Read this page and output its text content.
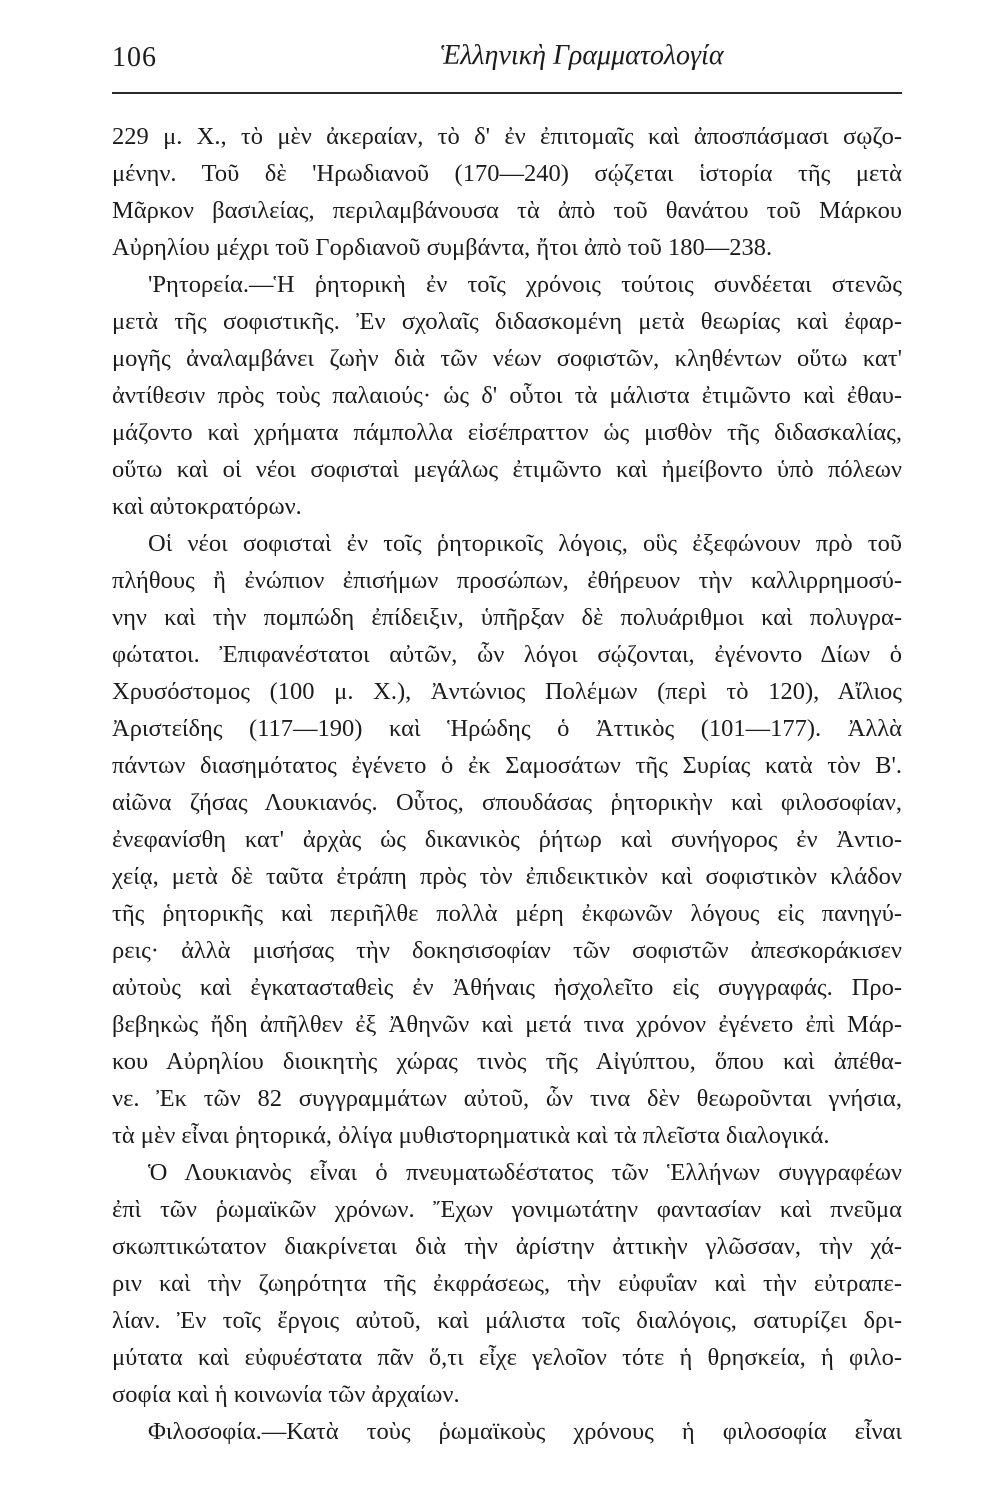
106	Ἑλληνικὴ Γραμματολογία
229 μ. Χ., τὸ μὲν ἀκεραίαν, τὸ δ' ἐν ἐπιτομαῖς καὶ ἀποσπάσμασι σῳζο-
μένην. Τοῦ δὲ 'Ηρωδιανοῦ (170—240) σῴζεται ἱστορία τῆς μετὰ
Μᾶρκον βασιλείας, περιλαμβάνουσα τὰ ἀπὸ τοῦ θανάτου τοῦ Μάρκου
Αὐρηλίου μέχρι τοῦ Γορδιανοῦ συμβάντα, ἤτοι ἀπὸ τοῦ 180—238.
'Ρητορεία.—Ἡ ῥητορικὴ ἐν τοῖς χρόνοις τούτοις συνδέεται στενῶς
μετὰ τῆς σοφιστικῆς. Ἐν σχολαῖς διδασκομένη μετὰ θεωρίας καὶ ἐφαρ-
μογῆς ἀναλαμβάνει ζωὴν διὰ τῶν νέων σοφιστῶν, κληθέντων οὕτω κατ'
ἀντίθεσιν πρὸς τοὺς παλαιούς· ὡς δ' οὗτοι τὰ μάλιστα ἐτιμῶντο καὶ ἐθαυ-
μάζοντο καὶ χρήματα πάμπολλα εἰσέπραττον ὡς μισθὸν τῆς διδασκαλίας,
οὕτω καὶ οἱ νέοι σοφισταὶ μεγάλως ἐτιμῶντο καὶ ἠμείβοντο ὑπὸ πόλεων
καὶ αὐτοκρατόρων.
Οἱ νέοι σοφισταὶ ἐν τοῖς ῥητορικοῖς λόγοις, οὓς ἐξεφώνουν πρὸ τοῦ
πλήθους ἢ ἐνώπιον ἐπισήμων προσώπων, ἐθήρευον τὴν καλλιρρημοσύ-
νην καὶ τὴν πομπώδη ἐπίδειξιν, ὑπῆρξαν δὲ πολυάριθμοι καὶ πολυγρα-
φώτατοι. Ἐπιφανέστατοι αὐτῶν, ὧν λόγοι σῴζονται, ἐγένοντο Δίων ὁ
Χρυσόστομος (100 μ. Χ.), Ἀντώνιος Πολέμων (περὶ τὸ 120), Αἴλιος
Ἀριστείδης (117—190) καὶ Ἡρώδης ὁ Ἀττικὸς (101—177). Ἀλλὰ
πάντων διασημότατος ἐγένετο ὁ ἐκ Σαμοσάτων τῆς Συρίας κατὰ τὸν Β'.
αἰῶνα ζήσας Λουκιανός. Οὗτος, σπουδάσας ῥητορικὴν καὶ φιλοσοφίαν,
ἐνεφανίσθη κατ' ἀρχὰς ὡς δικανικὸς ῥήτωρ καὶ συνήγορος ἐν Ἀντιο-
χείᾳ, μετὰ δὲ ταῦτα ἐτράπη πρὸς τὸν ἐπιδεικτικὸν καὶ σοφιστικὸν κλάδον
τῆς ῥητορικῆς καὶ περιῆλθε πολλὰ μέρη ἐκφωνῶν λόγους εἰς πανηγύ-
ρεις· ἀλλὰ μισήσας τὴν δοκησισοφίαν τῶν σοφιστῶν ἀπεσκοράκισεν
αὐτοὺς καὶ ἐγκατασταθεὶς ἐν Ἀθήναις ἠσχολεῖτο εἰς συγγραφάς. Προ-
βεβηκὼς ἤδη ἀπῆλθεν ἐξ Ἀθηνῶν καὶ μετά τινα χρόνον ἐγένετο ἐπὶ Μάρ-
κου Αὐρηλίου διοικητὴς χώρας τινὸς τῆς Αἰγύπτου, ὅπου καὶ ἀπέθα-
νε. Ἐκ τῶν 82 συγγραμμάτων αὐτοῦ, ὧν τινα δὲν θεωροῦνται γνήσια,
τὰ μὲν εἶναι ῥητορικά, ὀλίγα μυθιστορηματικὰ καὶ τὰ πλεῖστα διαλογικά.
Ὁ Λουκιανὸς εἶναι ὁ πνευματωδέστατος τῶν Ἑλλήνων συγγραφέων
ἐπὶ τῶν ῥωμαϊκῶν χρόνων. Ἔχων γονιμωτάτην φαντασίαν καὶ πνεῦμα
σκωπτικώτατον διακρίνεται διὰ τὴν ἀρίστην ἀττικὴν γλῶσσαν, τὴν χά-
ριν καὶ τὴν ζωηρότητα τῆς ἐκφράσεως, τὴν εὐφυΐαν καὶ τὴν εὐτραπε-
λίαν. Ἐν τοῖς ἔργοις αὐτοῦ, καὶ μάλιστα τοῖς διαλόγοις, σατυρίζει δρι-
μύτατα καὶ εὐφυέστατα πᾶν ὅ,τι εἶχε γελοῖον τότε ἡ θρησκεία, ἡ φιλο-
σοφία καὶ ἡ κοινωνία τῶν ἀρχαίων.
Φιλοσοφία.—Κατὰ τοὺς ῥωμαϊκοὺς χρόνους ἡ φιλοσοφία εἶναι
